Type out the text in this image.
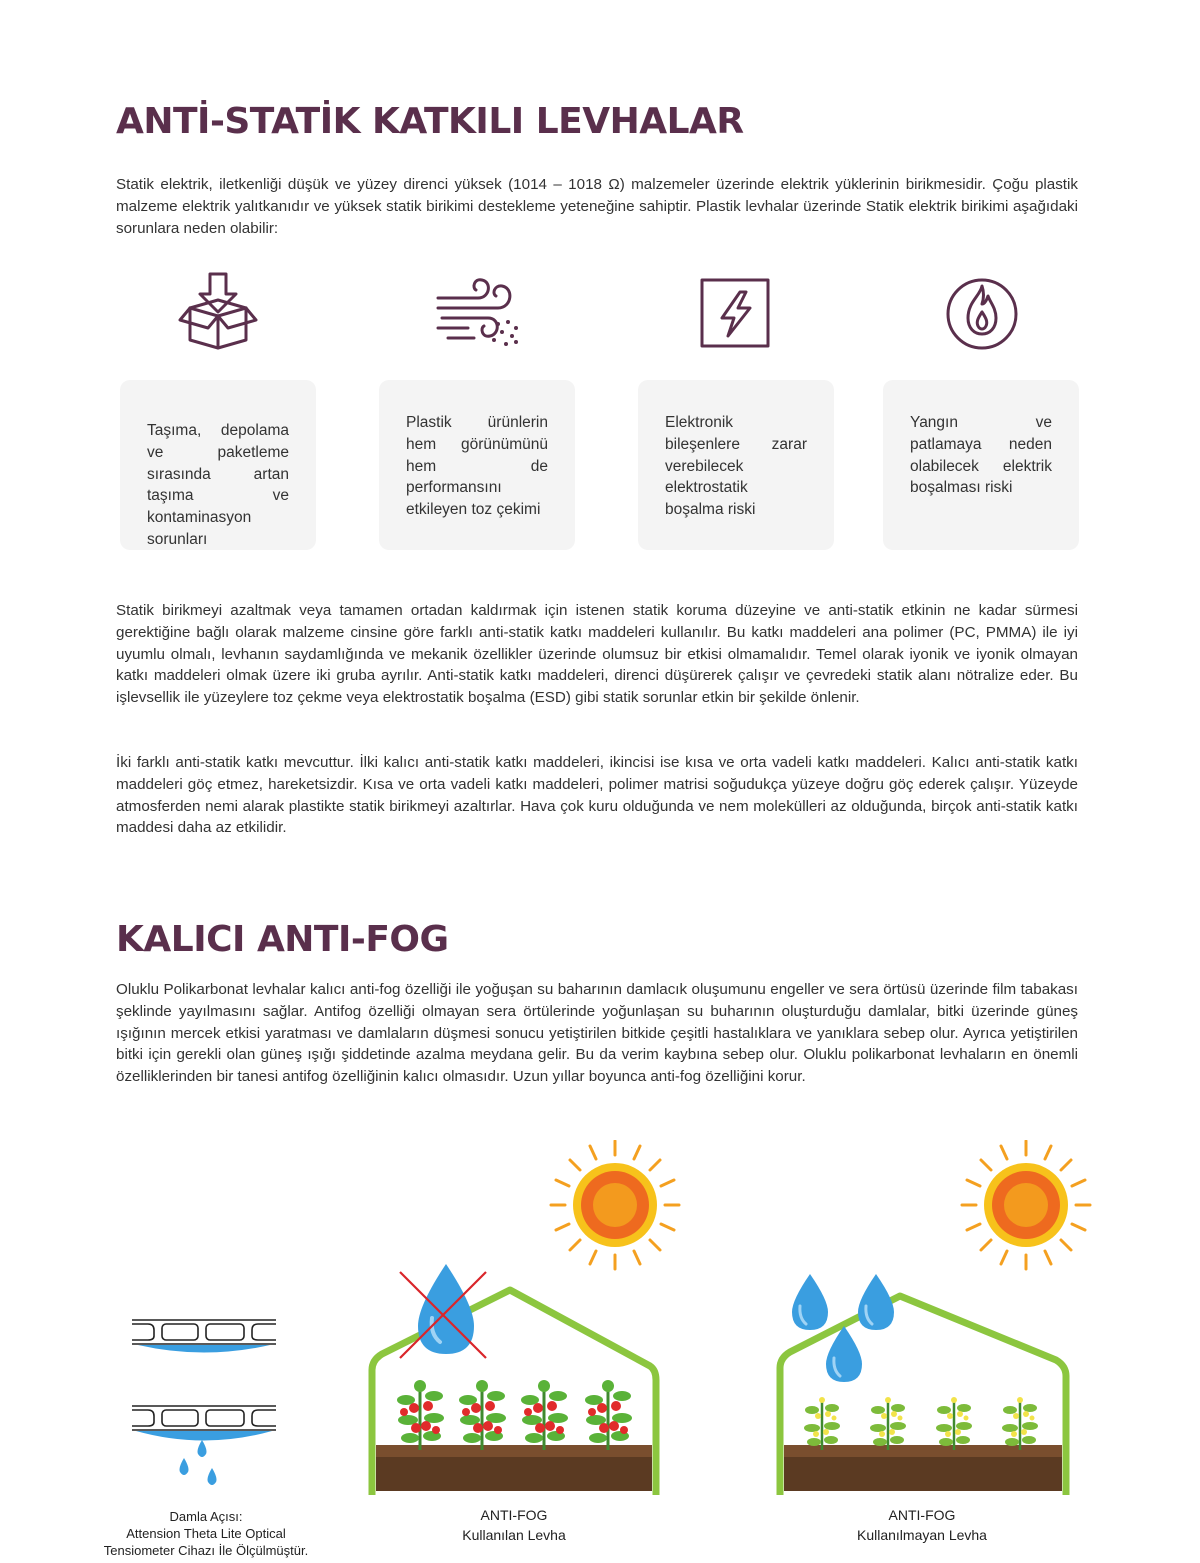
ANTİ-STATİK KATKILI LEVHALAR

Statik elektrik, iletkenliği düşük ve yüzey direnci yüksek (1014 – 1018 Ω) malzemeler üzerinde elektrik yüklerinin birikmesidir. Çoğu plastik malzeme elektrik yalıtkanıdır ve yüksek statik birikimi destekleme yeteneğine sahiptir. Plastik levhalar üzerinde Statik elektrik birikimi aşağıdaki sorunlara neden olabilir:

Taşıma, depolama ve paketleme sırasında artan taşıma ve kontaminasyon sorunları
Plastik ürünlerin hem görünümünü hem de performansını etkileyen toz çekimi
Elektronik bileşenlere zarar verebilecek elektrostatik boşalma riski
Yangın ve patlamaya neden olabilecek elektrik boşalması riski

Statik birikmeyi azaltmak veya tamamen ortadan kaldırmak için istenen statik koruma düzeyine ve anti-statik etkinin ne kadar sürmesi gerektiğine bağlı olarak malzeme cinsine göre farklı anti-statik katkı maddeleri kullanılır. Bu katkı maddeleri ana polimer (PC, PMMA) ile iyi uyumlu olmalı, levhanın saydamlığında ve mekanik özellikler üzerinde olumsuz bir etkisi olmamalıdır. Temel olarak iyonik ve iyonik olmayan katkı maddeleri olmak üzere iki gruba ayrılır. Anti-statik katkı maddeleri, direnci düşürerek çalışır ve çevredeki statik alanı nötralize eder. Bu işlevsellik ile yüzeylere toz çekme veya elektrostatik boşalma (ESD) gibi statik sorunlar etkin bir şekilde önlenir.

İki farklı anti-statik katkı mevcuttur. İlki kalıcı anti-statik katkı maddeleri, ikincisi ise kısa ve orta vadeli katkı maddeleri. Kalıcı anti-statik katkı maddeleri göç etmez, hareketsizdir. Kısa ve orta vadeli katkı maddeleri, polimer matrisi soğudukça yüzeye doğru göç ederek çalışır. Yüzeyde atmosferden nemi alarak plastikte statik birikmeyi azaltırlar. Hava çok kuru olduğunda ve nem molekülleri az olduğunda, birçok anti-statik katkı maddesi daha az etkilidir.

KALICI ANTI-FOG

Oluklu Polikarbonat levhalar kalıcı anti-fog özelliği ile yoğuşan su baharının damlacık oluşumunu engeller ve sera örtüsü üzerinde film tabakası şeklinde yayılmasını sağlar. Antifog özelliği olmayan sera örtülerinde yoğunlaşan su buharının oluşturduğu damlalar, bitki üzerinde güneş ışığının mercek etkisi yaratması ve damlaların düşmesi sonucu yetiştirilen bitkide çeşitli hastalıklara ve yanıklara sebep olur. Ayrıca yetiştirilen bitki için gerekli olan güneş ışığı şiddetinde azalma meydana gelir. Bu da verim kaybına sebep olur. Oluklu polikarbonat levhaların en önemli özelliklerinden bir tanesi antifog özelliğinin kalıcı olmasıdır. Uzun yıllar boyunca anti-fog özelliğini korur.

Damla Açısı:
Attension Theta Lite Optical
Tensiometer Cihazı İle Ölçülmüştür.
ANTI-FOG
Kullanılan Levha
ANTI-FOG
Kullanılmayan Levha
